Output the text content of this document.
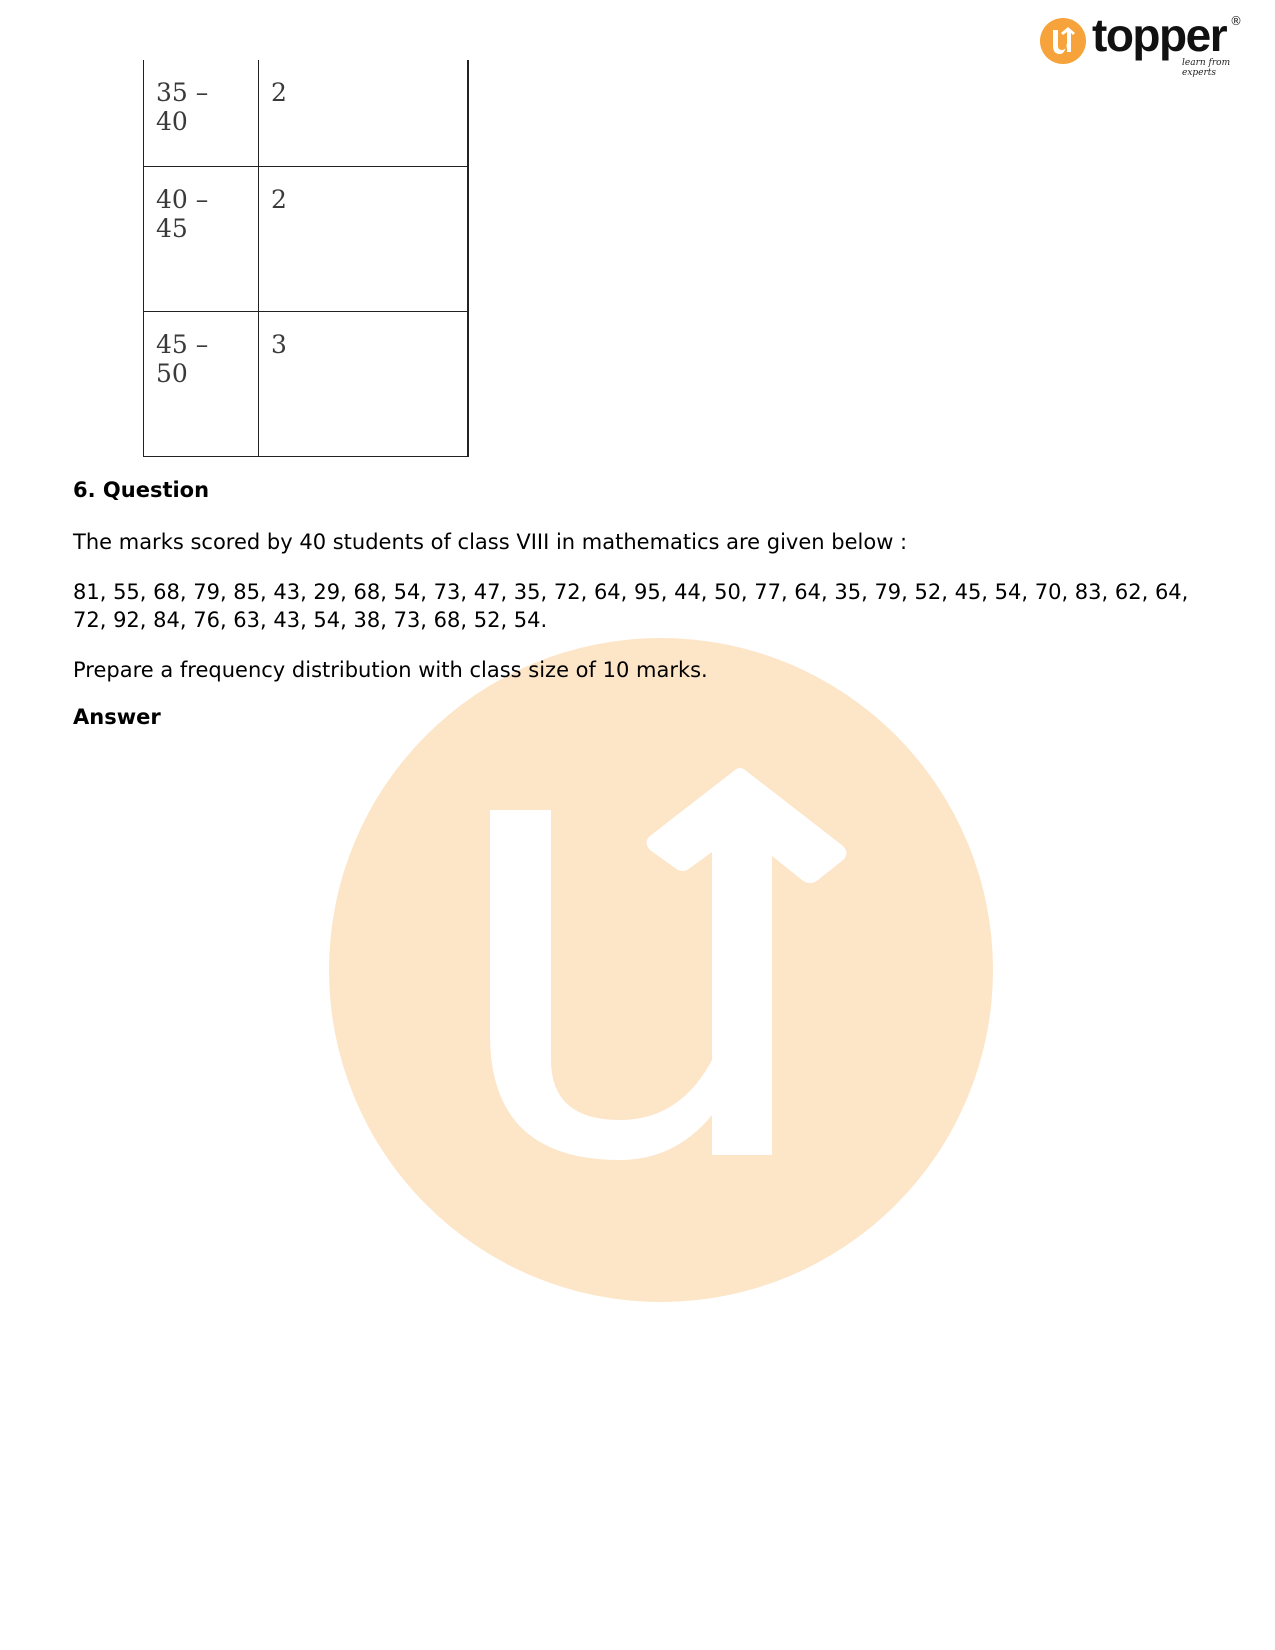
topper ®
learn from experts
35 – 40	2
40 – 45	2
45 – 50	3
6. Question

The marks scored by 40 students of class VIII in mathematics are given below :

81, 55, 68, 79, 85, 43, 29, 68, 54, 73, 47, 35, 72, 64, 95, 44, 50, 77, 64, 35, 79, 52, 45, 54, 70, 83, 62, 64, 72, 92, 84, 76, 63, 43, 54, 38, 73, 68, 52, 54.

Prepare a frequency distribution with class size of 10 marks.

Answer
